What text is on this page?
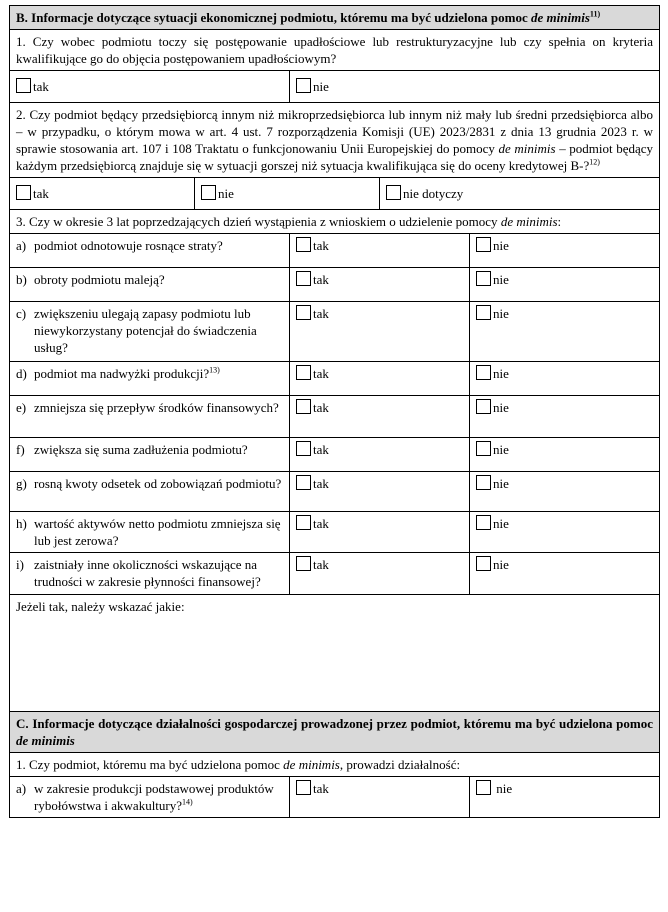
B. Informacje dotyczące sytuacji ekonomicznej podmiotu, któremu ma być udzielona pomoc de minimis$^{11)}$
1. Czy wobec podmiotu toczy się postępowanie upadłościowe lub restrukturyzacyjne lub czy spełnia on kryteria kwalifikujące go do objęcia postępowaniem upadłościowym?				
tak		nie		
2. Czy podmiot będący przedsiębiorcą innym niż mikroprzedsiębiorca lub innym niż mały lub średni przedsiębiorca albo – w przypadku, o którym mowa w art. 4 ust. 7 rozporządzenia Komisji (UE) 2023/2831 z dnia 13 grudnia 2023 r. w sprawie stosowania art. 107 i 108 Traktatu o funkcjonowaniu Unii Europejskiej do pomocy de minimis – podmiot będący każdym przedsiębiorcą znajduje się w sytuacji gorszej niż sytuacja kwalifikująca się do oceny kredytowej B-?$^{12)}$
tak	nie		nie dotyczy	
3. Czy w okresie 3 lat poprzedzających dzień wystąpienia z wnioskiem o udzielenie pomocy de minimis:				

a) podmiot odnotowuje rosnące straty?		tak		nie

b) obroty podmiotu maleją?		tak		nie

c) zwiększeniu ulegają zapasy podmiotu lub niewykorzystany potencjał do świadczenia usług?		tak		nie

d) podmiot ma nadwyżki produkcji?$^{13)}$		tak		nie

e) zmniejsza się przepływ środków finansowych?		tak		nie

f) zwiększa się suma zadłużenia podmiotu?		tak		nie

g) rosną kwoty odsetek od zobowiązań podmiotu?		tak		nie

h) wartość aktywów netto podmiotu zmniejsza się lub jest zerowa?		tak		nie

i) zaistniały inne okoliczności wskazujące na trudności w zakresie płynności finansowej?		tak		nie
Jeżeli tak, należy wskazać jakie:				
C. Informacje dotyczące działalności gospodarczej prowadzonej przez podmiot, któremu ma być udzielona pomoc de minimis				
1. Czy podmiot, któremu ma być udzielona pomoc de minimis, prowadzi działalność:				

a) w zakresie produkcji podstawowej produktów rybołówstwa i akwakultury?$^{14)}$		tak		nie
